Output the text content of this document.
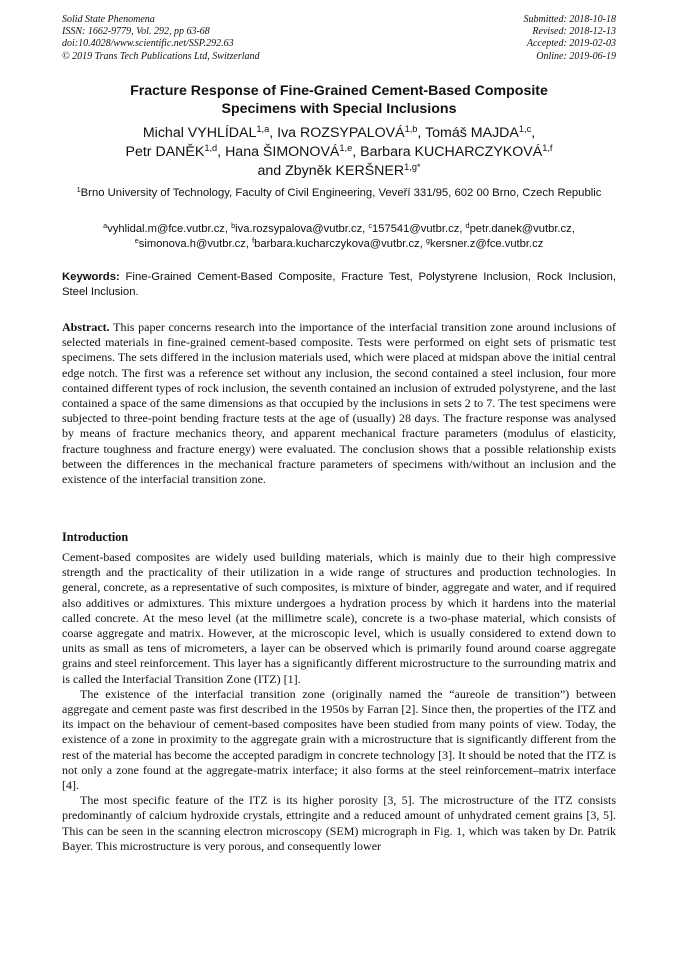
Solid State Phenomena
ISSN: 1662-9779, Vol. 292, pp 63-68
doi:10.4028/www.scientific.net/SSP.292.63
© 2019 Trans Tech Publications Ltd, Switzerland
Submitted: 2018-10-18
Revised: 2018-12-13
Accepted: 2019-02-03
Online: 2019-06-19
Fracture Response of Fine-Grained Cement-Based Composite
Specimens with Special Inclusions
Michal VYHLÍDAL$^{1,a}$, Iva ROZSYPALOVÁ$^{1,b}$, Tomáš MAJDA$^{1,c}$,
Petr DANĚK$^{1,d}$, Hana ŠIMONOVÁ$^{1,e}$, Barbara KUCHARCZYKOVÁ$^{1,f}$
and Zbyněk $KERŠNER^{1,g*}$
$^1$Brno University of Technology, Faculty of Civil Engineering, Veveří 331/95, 602 00 Brno, Czech Republic
$^a$vyhlidal.m@fce.vutbr.cz, $^b$iva.rozsypalova@vutbr.cz, $^c$157541@vutbr.cz, $^d$petr.danek@vutbr.cz,
$^e$simonova.h@vutbr.cz, $^f$barbara.kucharczykova@vutbr.cz, $^g$kersner.z@fce.vutbr.cz
Keywords: Fine-Grained Cement-Based Composite, Fracture Test, Polystyrene Inclusion, Rock Inclusion, Steel Inclusion.
Abstract. This paper concerns research into the importance of the interfacial transition zone around inclusions of selected materials in fine-grained cement-based composite. Tests were performed on eight sets of prismatic test specimens. The sets differed in the inclusion materials used, which were placed at midspan above the initial central edge notch. The first was a reference set without any inclusion, the second contained a steel inclusion, four more contained different types of rock inclusion, the seventh contained an inclusion of extruded polystyrene, and the last contained a space of the same dimensions as that occupied by the inclusions in sets 2 to 7. The test specimens were subjected to three-point bending fracture tests at the age of (usually) 28 days. The fracture response was analysed by means of fracture mechanics theory, and apparent mechanical fracture parameters (modulus of elasticity, fracture toughness and fracture energy) were evaluated. The conclusion shows that a possible relationship exists between the differences in the mechanical fracture parameters of specimens with/without an inclusion and the existence of the interfacial transition zone.
Introduction

Cement-based composites are widely used building materials, which is mainly due to their high compressive strength and the practicality of their utilization in a wide range of structures and production technologies. In general, concrete, as a representative of such composites, is mixture of binder, aggregate and water, and if required also additives or admixtures. This mixture undergoes a hydration process by which it hardens into the material called concrete. At the meso level (at the millimetre scale), concrete is a two-phase material, which consists of coarse aggregate and matrix. However, at the microscopic level, which is usually considered to extend down to units as small as tens of micrometers, a layer can be observed which is primarily found around coarse aggregate grains and steel reinforcement. This layer has a significantly different microstructure to the surrounding matrix and is called the Interfacial Transition Zone (ITZ) [1].

The existence of the interfacial transition zone (originally named the “aureole de transition”) between aggregate and cement paste was first described in the 1950s by Farran [2]. Since then, the properties of the ITZ and its impact on the behaviour of cement-based composites have been studied from many points of view. Today, the existence of a zone in proximity to the aggregate grain with a microstructure that is significantly different from the rest of the material has become the accepted paradigm in concrete technology [3]. It should be noted that the ITZ is not only a zone found at the aggregate-matrix interface; it also forms at the steel reinforcement–matrix interface [4].

The most specific feature of the ITZ is its higher porosity [3, 5]. The microstructure of the ITZ consists predominantly of calcium hydroxide crystals, ettringite and a reduced amount of unhydrated cement grains [3, 5]. This can be seen in the scanning electron microscopy (SEM) micrograph in Fig. 1, which was taken by Dr. Patrik Bayer. This microstructure is very porous, and consequently lower
